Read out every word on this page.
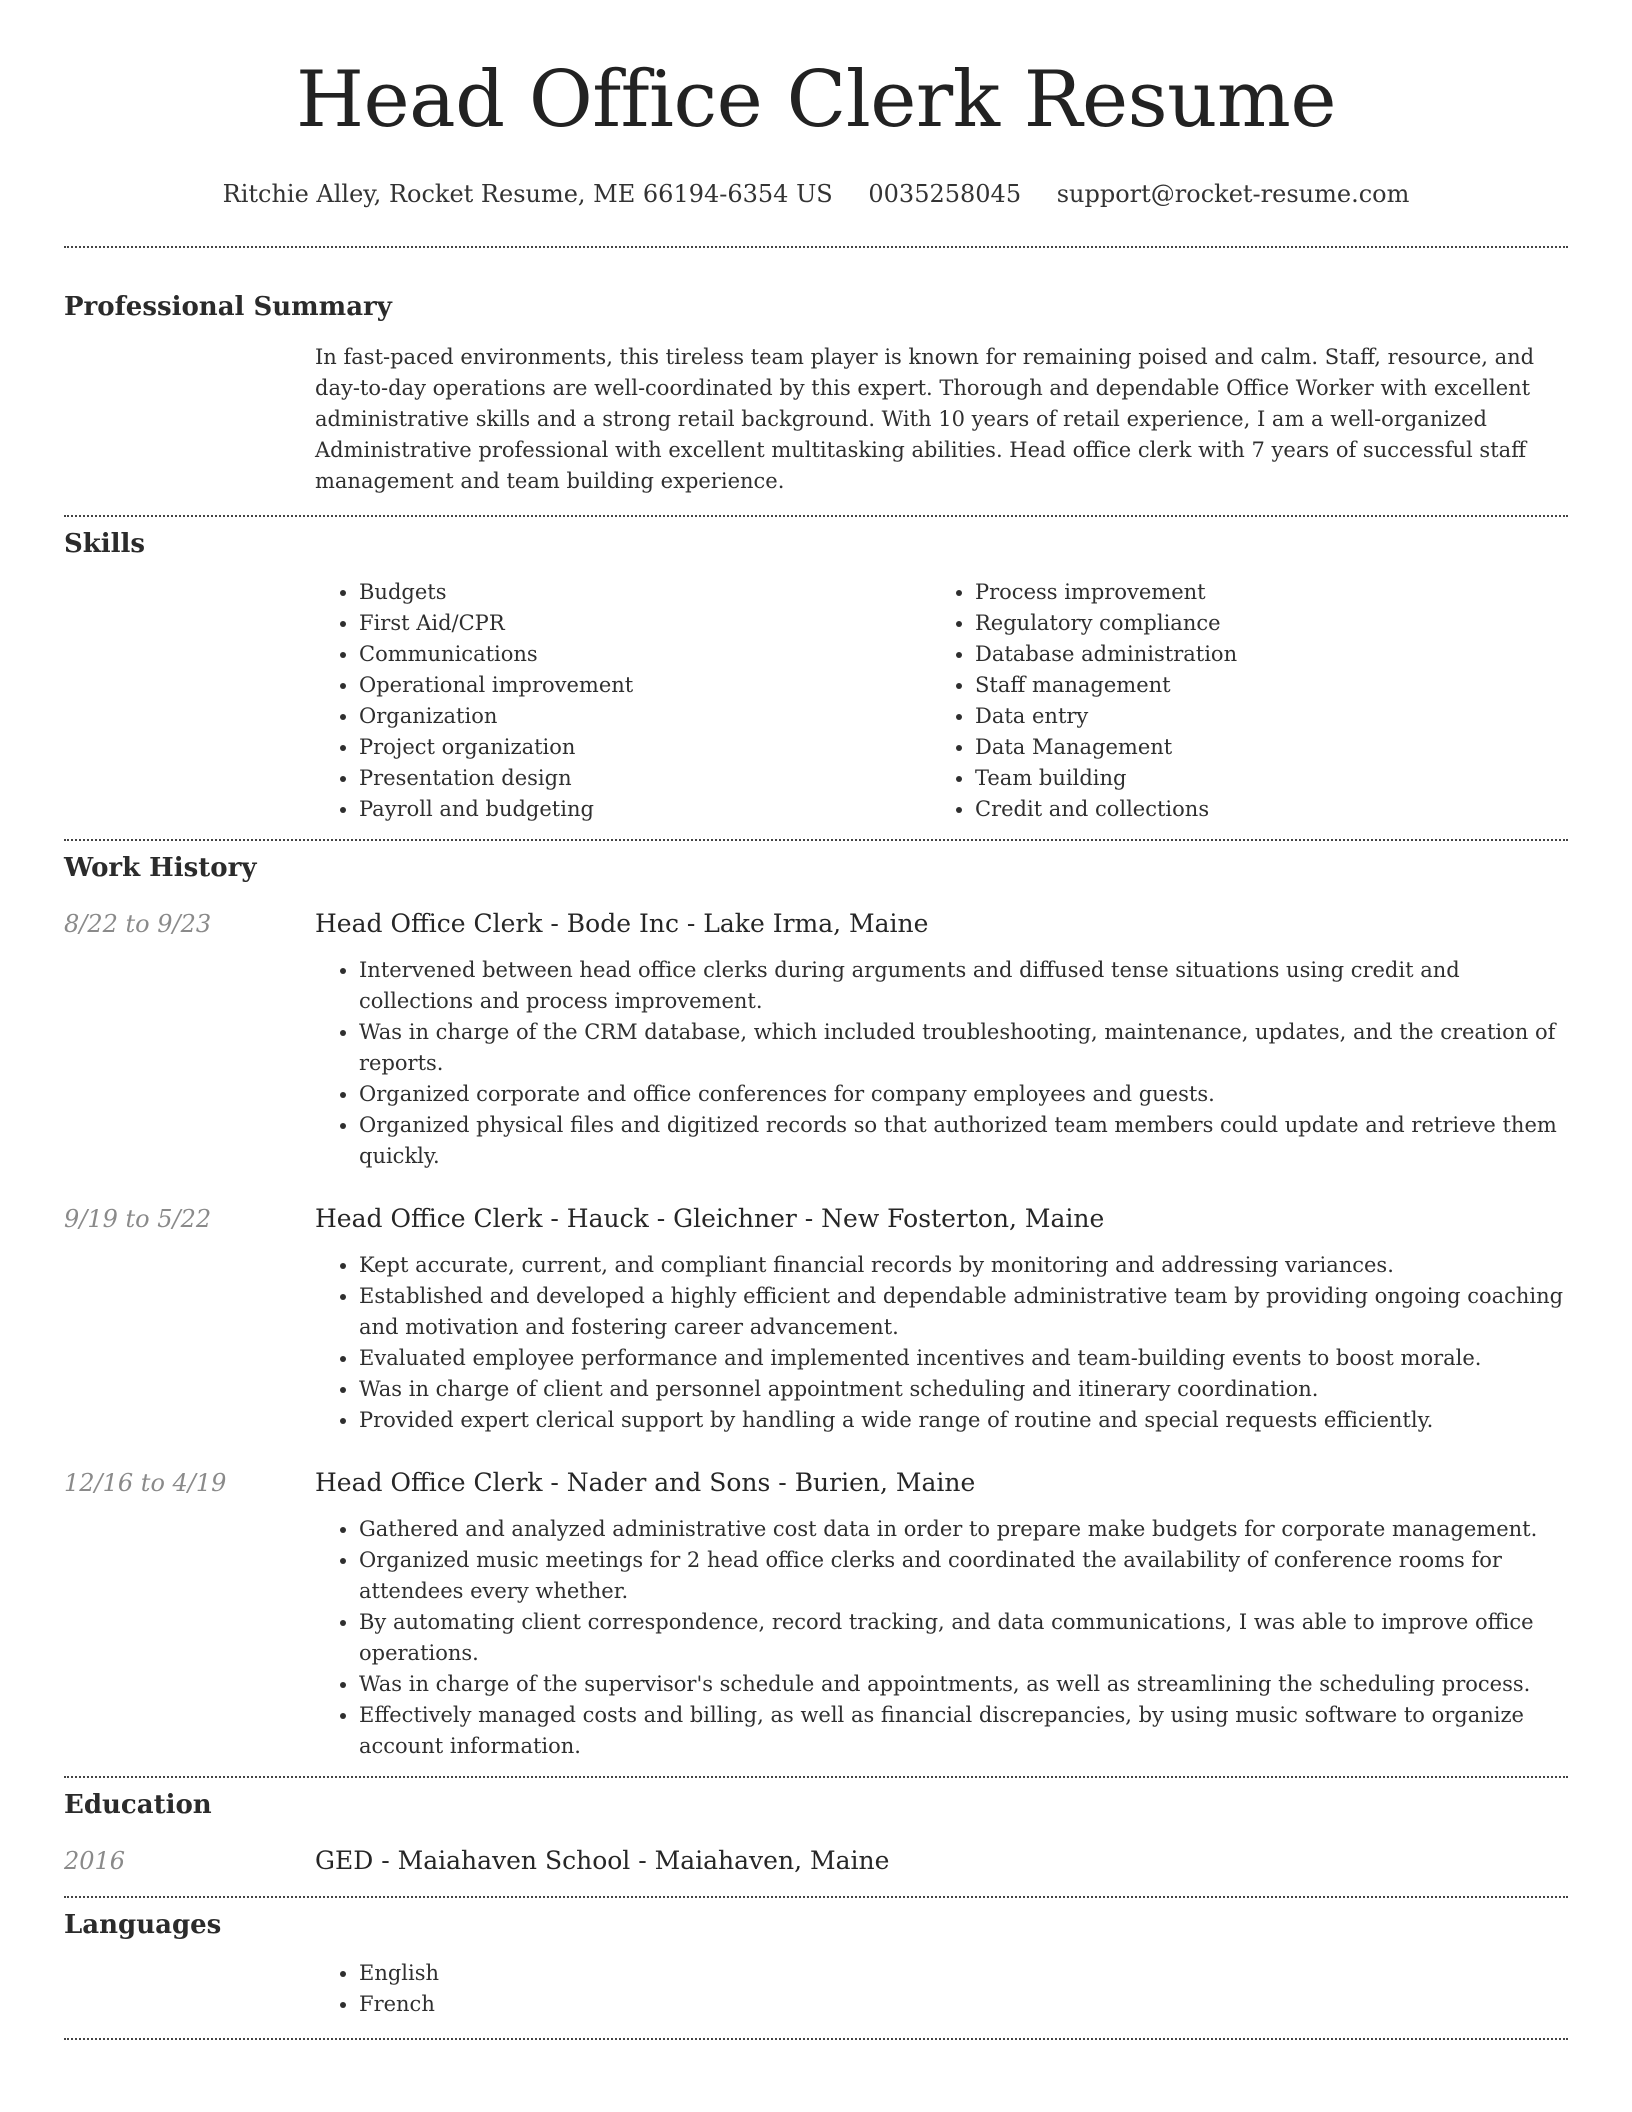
Head Office Clerk Resume
Ritchie Alley, Rocket Resume, ME 66194-6354 US 0035258045 support@rocket-resume.com
Professional Summary

In fast-paced environments, this tireless team player is known for remaining poised and calm. Staff, resource, and day-to-day operations are well-coordinated by this expert. Thorough and dependable Office Worker with excellent administrative skills and a strong retail background. With 10 years of retail experience, I am a well-organized Administrative professional with excellent multitasking abilities. Head office clerk with 7 years of successful staff management and team building experience.

Skills
• Budgets
• First Aid/CPR
• Communications
• Operational improvement
• Organization
• Project organization
• Presentation design
• Payroll and budgeting
• Process improvement
• Regulatory compliance
• Database administration
• Staff management
• Data entry
• Data Management
• Team building
• Credit and collections
Work History
8/22 to 9/23	Head Office Clerk - Bode Inc - Lake Irma, Maine
• Intervened between head office clerks during arguments and diffused tense situations using credit and collections and process improvement.
• Was in charge of the CRM database, which included troubleshooting, maintenance, updates, and the creation of reports.
• Organized corporate and office conferences for company employees and guests.
• Organized physical files and digitized records so that authorized team members could update and retrieve them quickly.
9/19 to 5/22	Head Office Clerk - Hauck - Gleichner - New Fosterton, Maine
• Kept accurate, current, and compliant financial records by monitoring and addressing variances.
• Established and developed a highly efficient and dependable administrative team by providing ongoing coaching and motivation and fostering career advancement.
• Evaluated employee performance and implemented incentives and team-building events to boost morale.
• Was in charge of client and personnel appointment scheduling and itinerary coordination.
• Provided expert clerical support by handling a wide range of routine and special requests efficiently.
12/16 to 4/19	Head Office Clerk - Nader and Sons - Burien, Maine
• Gathered and analyzed administrative cost data in order to prepare make budgets for corporate management.
• Organized music meetings for 2 head office clerks and coordinated the availability of conference rooms for attendees every whether.
• By automating client correspondence, record tracking, and data communications, I was able to improve office operations.
• Was in charge of the supervisor's schedule and appointments, as well as streamlining the scheduling process.
• Effectively managed costs and billing, as well as financial discrepancies, by using music software to organize account information.
Education
2016	GED - Maiahaven School - Maiahaven, Maine
Languages
• English
• French
